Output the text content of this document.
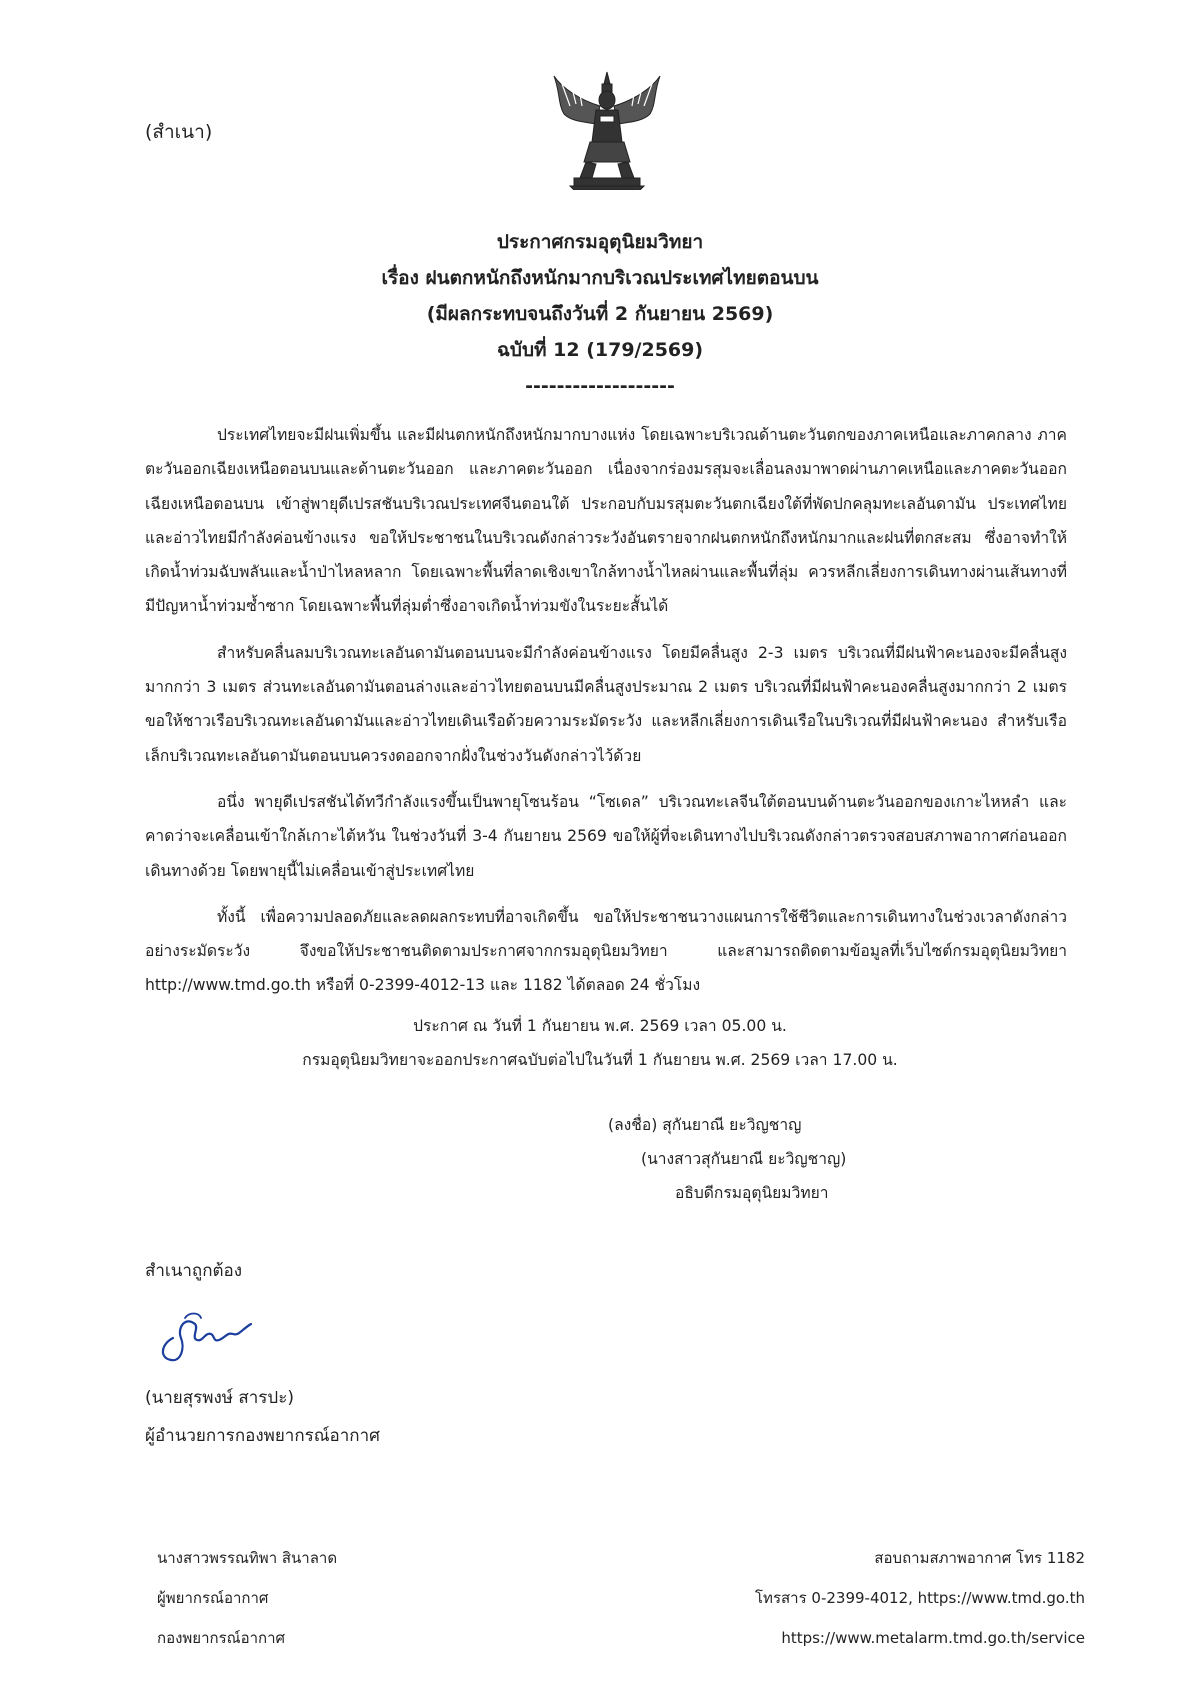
(สำเนา)
ประกาศกรมอุตุนิยมวิทยา
เรื่อง ฝนตกหนักถึงหนักมากบริเวณประเทศไทยตอนบน
(มีผลกระทบจนถึงวันที่ 2 กันยายน 2569)
ฉบับที่ 12 (179/2569)
-------------------

ประเทศไทยจะมีฝนเพิ่มขึ้น และมีฝนตกหนักถึงหนักมากบางแห่ง โดยเฉพาะบริเวณด้านตะวันตกของภาคเหนือและภาคกลาง ภาคตะวันออกเฉียงเหนือตอนบนและด้านตะวันออก และภาคตะวันออก เนื่องจากร่องมรสุมจะเลื่อนลงมาพาดผ่านภาคเหนือและภาคตะวันออกเฉียงเหนือตอนบน เข้าสู่พายุดีเปรสชันบริเวณประเทศจีนตอนใต้ ประกอบกับมรสุมตะวันตกเฉียงใต้ที่พัดปกคลุมทะเลอันดามัน ประเทศไทย และอ่าวไทยมีกำลังค่อนข้างแรง ขอให้ประชาชนในบริเวณดังกล่าวระวังอันตรายจากฝนตกหนักถึงหนักมากและฝนที่ตกสะสม ซึ่งอาจทำให้เกิดน้ำท่วมฉับพลันและน้ำป่าไหลหลาก โดยเฉพาะพื้นที่ลาดเชิงเขาใกล้ทางน้ำไหลผ่านและพื้นที่ลุ่ม ควรหลีกเลี่ยงการเดินทางผ่านเส้นทางที่มีปัญหาน้ำท่วมซ้ำซาก โดยเฉพาะพื้นที่ลุ่มต่ำซึ่งอาจเกิดน้ำท่วมขังในระยะสั้นได้

สำหรับคลื่นลมบริเวณทะเลอันดามันตอนบนจะมีกำลังค่อนข้างแรง โดยมีคลื่นสูง 2-3 เมตร บริเวณที่มีฝนฟ้าคะนองจะมีคลื่นสูงมากกว่า 3 เมตร ส่วนทะเลอันดามันตอนล่างและอ่าวไทยตอนบนมีคลื่นสูงประมาณ 2 เมตร บริเวณที่มีฝนฟ้าคะนองคลื่นสูงมากกว่า 2 เมตร ขอให้ชาวเรือบริเวณทะเลอันดามันและอ่าวไทยเดินเรือด้วยความระมัดระวัง และหลีกเลี่ยงการเดินเรือในบริเวณที่มีฝนฟ้าคะนอง สำหรับเรือเล็กบริเวณทะเลอันดามันตอนบนควรงดออกจากฝั่งในช่วงวันดังกล่าวไว้ด้วย

อนึ่ง พายุดีเปรสชันได้ทวีกำลังแรงขึ้นเป็นพายุโซนร้อน “โซเดล” บริเวณทะเลจีนใต้ตอนบนด้านตะวันออกของเกาะไหหลำ และคาดว่าจะเคลื่อนเข้าใกล้เกาะไต้หวัน ในช่วงวันที่ 3-4 กันยายน 2569 ขอให้ผู้ที่จะเดินทางไปบริเวณดังกล่าวตรวจสอบสภาพอากาศก่อนออกเดินทางด้วย โดยพายุนี้ไม่เคลื่อนเข้าสู่ประเทศไทย

ทั้งนี้ เพื่อความปลอดภัยและลดผลกระทบที่อาจเกิดขึ้น ขอให้ประชาชนวางแผนการใช้ชีวิตและการเดินทางในช่วงเวลาดังกล่าวอย่างระมัดระวัง จึงขอให้ประชาชนติดตามประกาศจากกรมอุตุนิยมวิทยา และสามารถติดตามข้อมูลที่เว็บไซต์กรมอุตุนิยมวิทยา http://www.tmd.go.th หรือที่ 0-2399-4012-13 และ 1182 ได้ตลอด 24 ชั่วโมง

ประกาศ ณ วันที่ 1 กันยายน พ.ศ. 2569 เวลา 05.00 น.
กรมอุตุนิยมวิทยาจะออกประกาศฉบับต่อไปในวันที่ 1 กันยายน พ.ศ. 2569 เวลา 17.00 น.
(ลงชื่อ) สุกันยาณี ยะวิญชาญ
(นางสาวสุกันยาณี ยะวิญชาญ)
อธิบดีกรมอุตุนิยมวิทยา
สำเนาถูกต้อง
(นายสุรพงษ์ สารปะ)
ผู้อำนวยการกองพยากรณ์อากาศ
นางสาวพรรณทิพา สินาลาด
ผู้พยากรณ์อากาศ
กองพยากรณ์อากาศ
สอบถามสภาพอากาศ โทร 1182
โทรสาร 0-2399-4012, https://www.tmd.go.th
https://www.metalarm.tmd.go.th/service
